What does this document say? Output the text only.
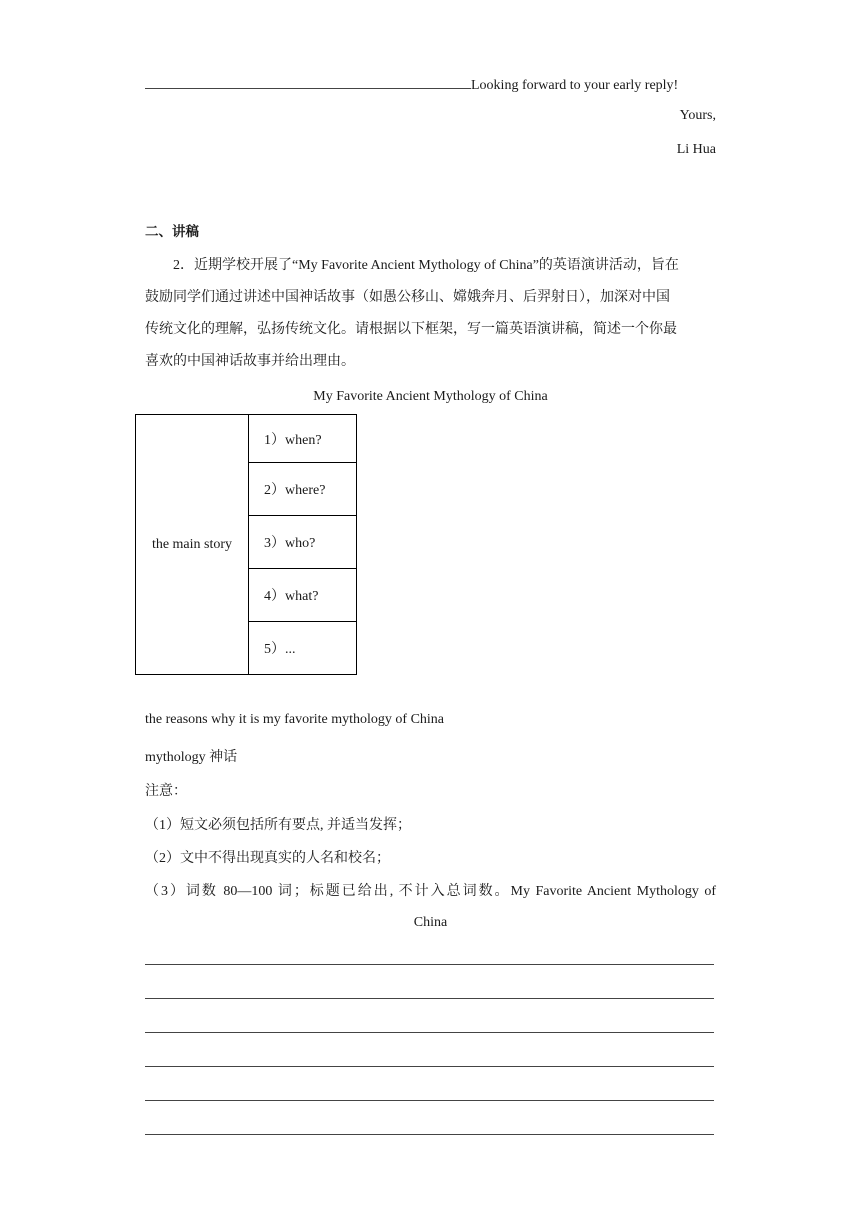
Looking forward to your early reply!
Yours,
Li Hua
二、讲稿

2．近期学校开展了“My Favorite Ancient Mythology of China”的英语演讲活动，旨在

鼓励同学们通过讲述中国神话故事（如愚公移山、嫦娥奔月、后羿射日），加深对中国

传统文化的理解，弘扬传统文化。请根据以下框架，写一篇英语演讲稿，简述一个你最

喜欢的中国神话故事并给出理由。

My Favorite Ancient Mythology of China
the main story	1）when?
2）where?
3）who?
4）what?
5）...
the reasons why it is my favorite mythology of China
mythology 神话
注意：
（1）短文必须包括所有要点, 并适当发挥；
（2）文中不得出现真实的人名和校名；
（3）词数 80—100 词；标题已给出, 不计入总词数。My Favorite Ancient Mythology of
China
